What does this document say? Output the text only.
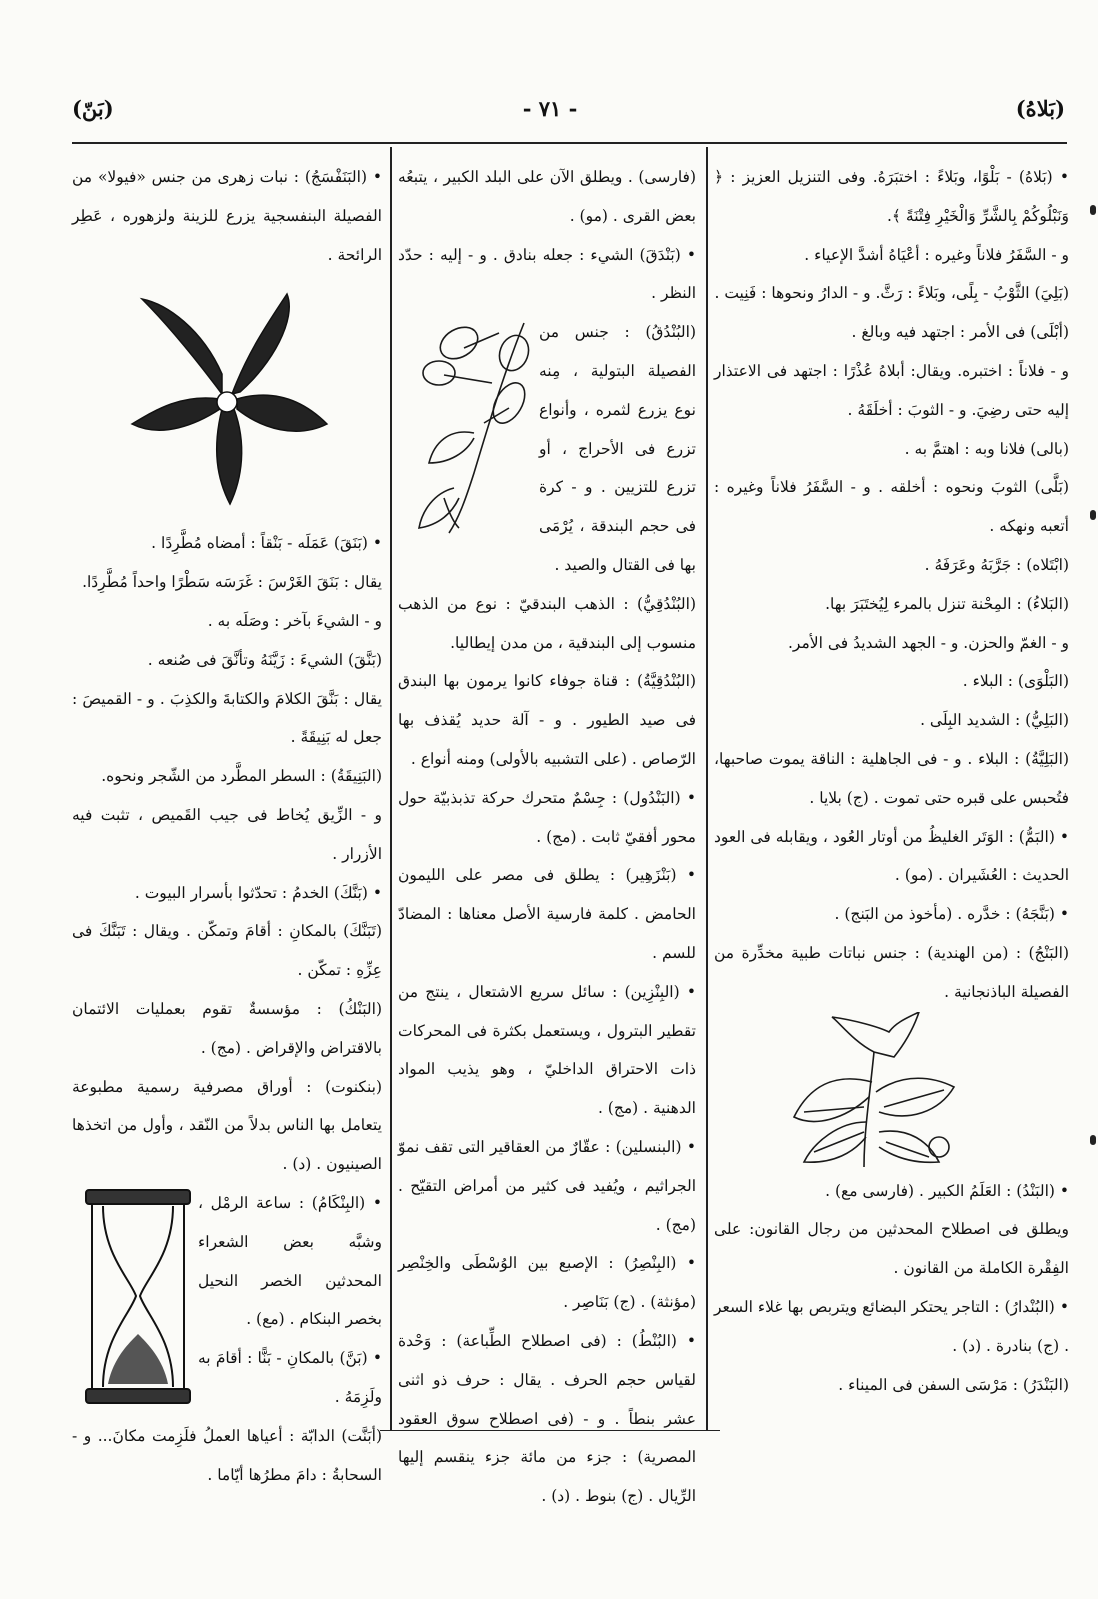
(بَلاهُ)
- ٧١ -
(بَنّ)

• (بَلاهُ) - بَلْوًا، وبَلاءً : اختبَرَهُ. وفى التنزيل العزيز : ﴿ وَنَبْلُوكُمْ بِالشَّرِّ وَالْخَيْرِ فِتْنَةً ﴾.

و - السَّفَرُ فلاناً وغيره : أعْيَاهُ أشدَّ الإعياء .

(بَلِيَ) الثَّوْبُ - بِلًى، وبَلاءً : رَثَّ. و - الدارُ ونحوها : فَنِيت .

(أبْلَى) فى الأمر : اجتهد فيه وبالغ .

و - فلاناً : اختبره. ويقال: أبلاهُ عُذْرًا : اجتهد فى الاعتذار إليه حتى رضِيَ. و - الثوبَ : أخلَقَهُ .

(بالى) فلانا وبه : اهتمَّ به .

(بَلَّى) الثوبَ ونحوه : أخلقه . و - السَّفَرُ فلاناً وغيره : أتعبه ونهكه .

(ابْتَلاه) : جَرَّبَهُ وعَرَفَهُ .

(البَلاءُ) : المِحْنة تنزل بالمرء لِيُختَبَرَ بها.

و - الغمّ والحزن. و - الجهد الشديدُ فى الأمر.

(البَلْوَى) : البلاء .

(البَلِيُّ) : الشديد البِلَى .

(البَلِيَّةُ) : البلاء . و - فى الجاهلية : الناقة يموت صاحبها، فتُحبس على قبره حتى تموت . (ج) بلايا .

• (البَمُّ) : الوَتَر الغليظُ من أوتار العُود ، ويقابله فى العود الحديث : العُشَيران . (مو) .

• (بَنَّجَهُ) : خدَّره . (مأخوذ من البَنج) .

(البَنْجُ) : (من الهندية) : جنس نباتات طبية مخدِّرة من الفصيلة الباذنجانية .

• (البَنْدُ) : العَلَمُ الكبير . (فارسى مع) .

ويطلق فى اصطلاح المحدثين من رجال القانون: على الفِقْرة الكاملة من القانون .

• (البُنْدارُ) : التاجر يحتكر البضائع ويتربص بها غلاء السعر . (ج) بنادرة . (د) .

(البَنْدَرُ) : مَرْسَى السفن فى الميناء .

(فارسى) . ويطلق الآن على البلد الكبير ، يتبعُه بعض القرى . (مو) .

• (بَنْدَقَ) الشيء : جعله بنادق . و - إليه : حدّد النظر .

(البُنْدُقُ) : جنس من الفصيلة البتولية ، مِنه نوع يزرع لثمره ، وأنواع تزرع فى الأحراج ، أو تزرع للتزيين . و - كرة فى حجم البندقة ، يُرْمَى بها فى القتال والصيد .

(البُنْدُقِيُّ) : الذهب البندقيّ : نوع من الذهب منسوب إلى البندقية ، من مدن إيطاليا.

(البُنْدُقِيَّةُ) : قناة جوفاء كانوا يرمون بها البندق فى صيد الطيور . و - آلة حديد يُقذف بها الرّصاص . (على التشبيه بالأولى) ومنه أنواع .

• (البَنْدُول) : جِسْمٌ متحرك حركة تذبذبيّة حول محور أفقيّ ثابت . (مج) .

• (بَنْزَهِير) : يطلق فى مصر على الليمون الحامض . كلمة فارسية الأصل معناها : المضادّ للسم .

• (البِنْزِين) : سائل سريع الاشتعال ، ينتج من تقطير البترول ، ويستعمل بكثرة فى المحركات ذات الاحتراق الداخليّ ، وهو يذيب المواد الدهنية . (مج) .

• (البنسلين) : عقّارٌ من العقاقير التى تقف نموّ الجراثيم ، ويُفيد فى كثير من أمراض التقيّح . (مج) .

• (البِنْصِرُ) : الإصبع بين الوُسْطَى والخِنْصِر (مؤنثة) . (ج) بَنَاصِر .

• (البُنْطُ) : (فى اصطلاح الطِّباعة) : وَحْدة لقياس حجم الحرف . يقال : حرف ذو اثنى عشر بنطاً . و - (فى اصطلاح سوق العقود المصرية) : جزء من مائة جزء ينقسم إليها الرِّيال . (ج) بنوط . (د) .

• (البَنَفْسَجُ) : نبات زهرى من جنس «فيولا» من الفصيلة البنفسجية يزرع للزينة ولزهوره ، عَطِر الرائحة .

• (بَنَقَ) عَمَلَه - بَنْقاً : أمضاه مُطَّرِدًا .

يقال : بَنَقَ الغَرْسَ : غَرَسَه سَطْرًا واحداً مُطَّرِدًا.

و - الشيءَ بآخر : وصَلَه به .

(بَنَّقَ) الشيءَ : زَيَّنَهُ وتأنَّقَ فى صُنعه .

يقال : بَنَّقَ الكلامَ والكتابةَ والكذِبَ . و - القميصَ : جعل له بَنِيقَةً .

(البَنِيقَةُ) : السطر المطَّرد من الشّجر ونحوه.

و - الزِّيق يُخاط فى جيب القَميص ، تثبت فيه الأزرار .

• (بَنَّكَ) الخدمُ : تحدّثوا بأسرار البيوت .

(تَبَنَّكَ) بالمكانِ : أقامَ وتمكّن . ويقال : تَبَنَّكَ فى عِزِّهِ : تمكّن .

(البَنْكُ) : مؤسسةٌ تقوم بعمليات الائتمان بالاقتراض والإقراض . (مج) .

(بنكنوت) : أوراق مصرفية رسمية مطبوعة يتعامل بها الناس بدلاً من النّقد ، وأول من اتخذها الصينيون . (د) .

• (البِنْكَامُ) : ساعة الرمْل ، وشبَّه بعض الشعراء المحدثين الخصر النحيل بخصر البنكام . (مع) .

• (بَنَّ) بالمكانِ - بَنًّا : أقامَ به ولَزِمَهُ .

(أبَنَّت) الدابّة : أعياها العملُ فلَزِمت مكانَ... و - السحابةُ : دامَ مطرُها أيّاما .
